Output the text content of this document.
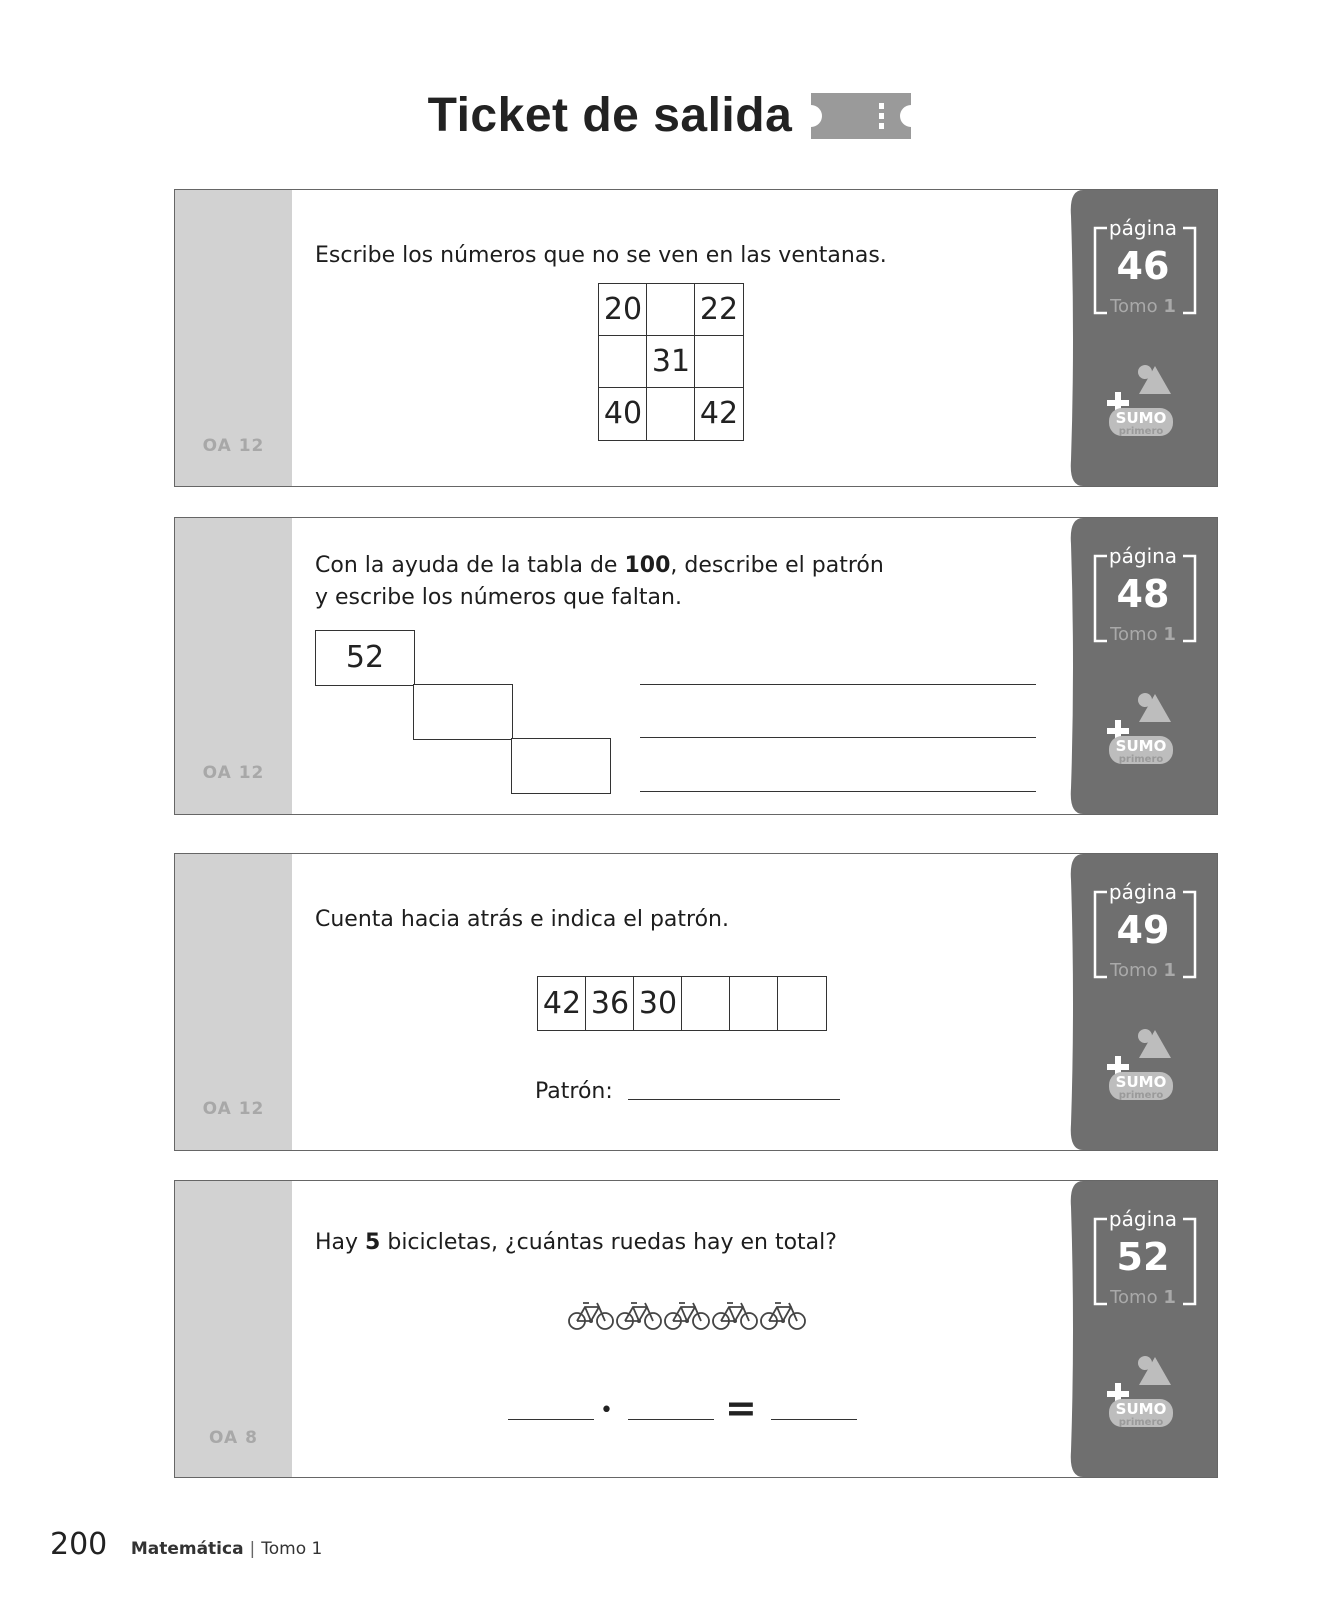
Ticket de salida
OA 12
Escribe los números que no se ven en las ventanas.
20 22
31
40 42
página
46
Tomo 1
SUMO
primero
OA 12
Con la ayuda de la tabla de 100, describe el patrón
y escribe los números que faltan.
52
página
48
Tomo 1
SUMO
primero
OA 12
Cuenta hacia atrás e indica el patrón.
42 36 30
Patrón:
página
49
Tomo 1
SUMO
primero
OA 8
Hay 5 bicicletas, ¿cuántas ruedas hay en total?
•	=
página
52
Tomo 1
SUMO
primero
200 Matemática | Tomo 1
